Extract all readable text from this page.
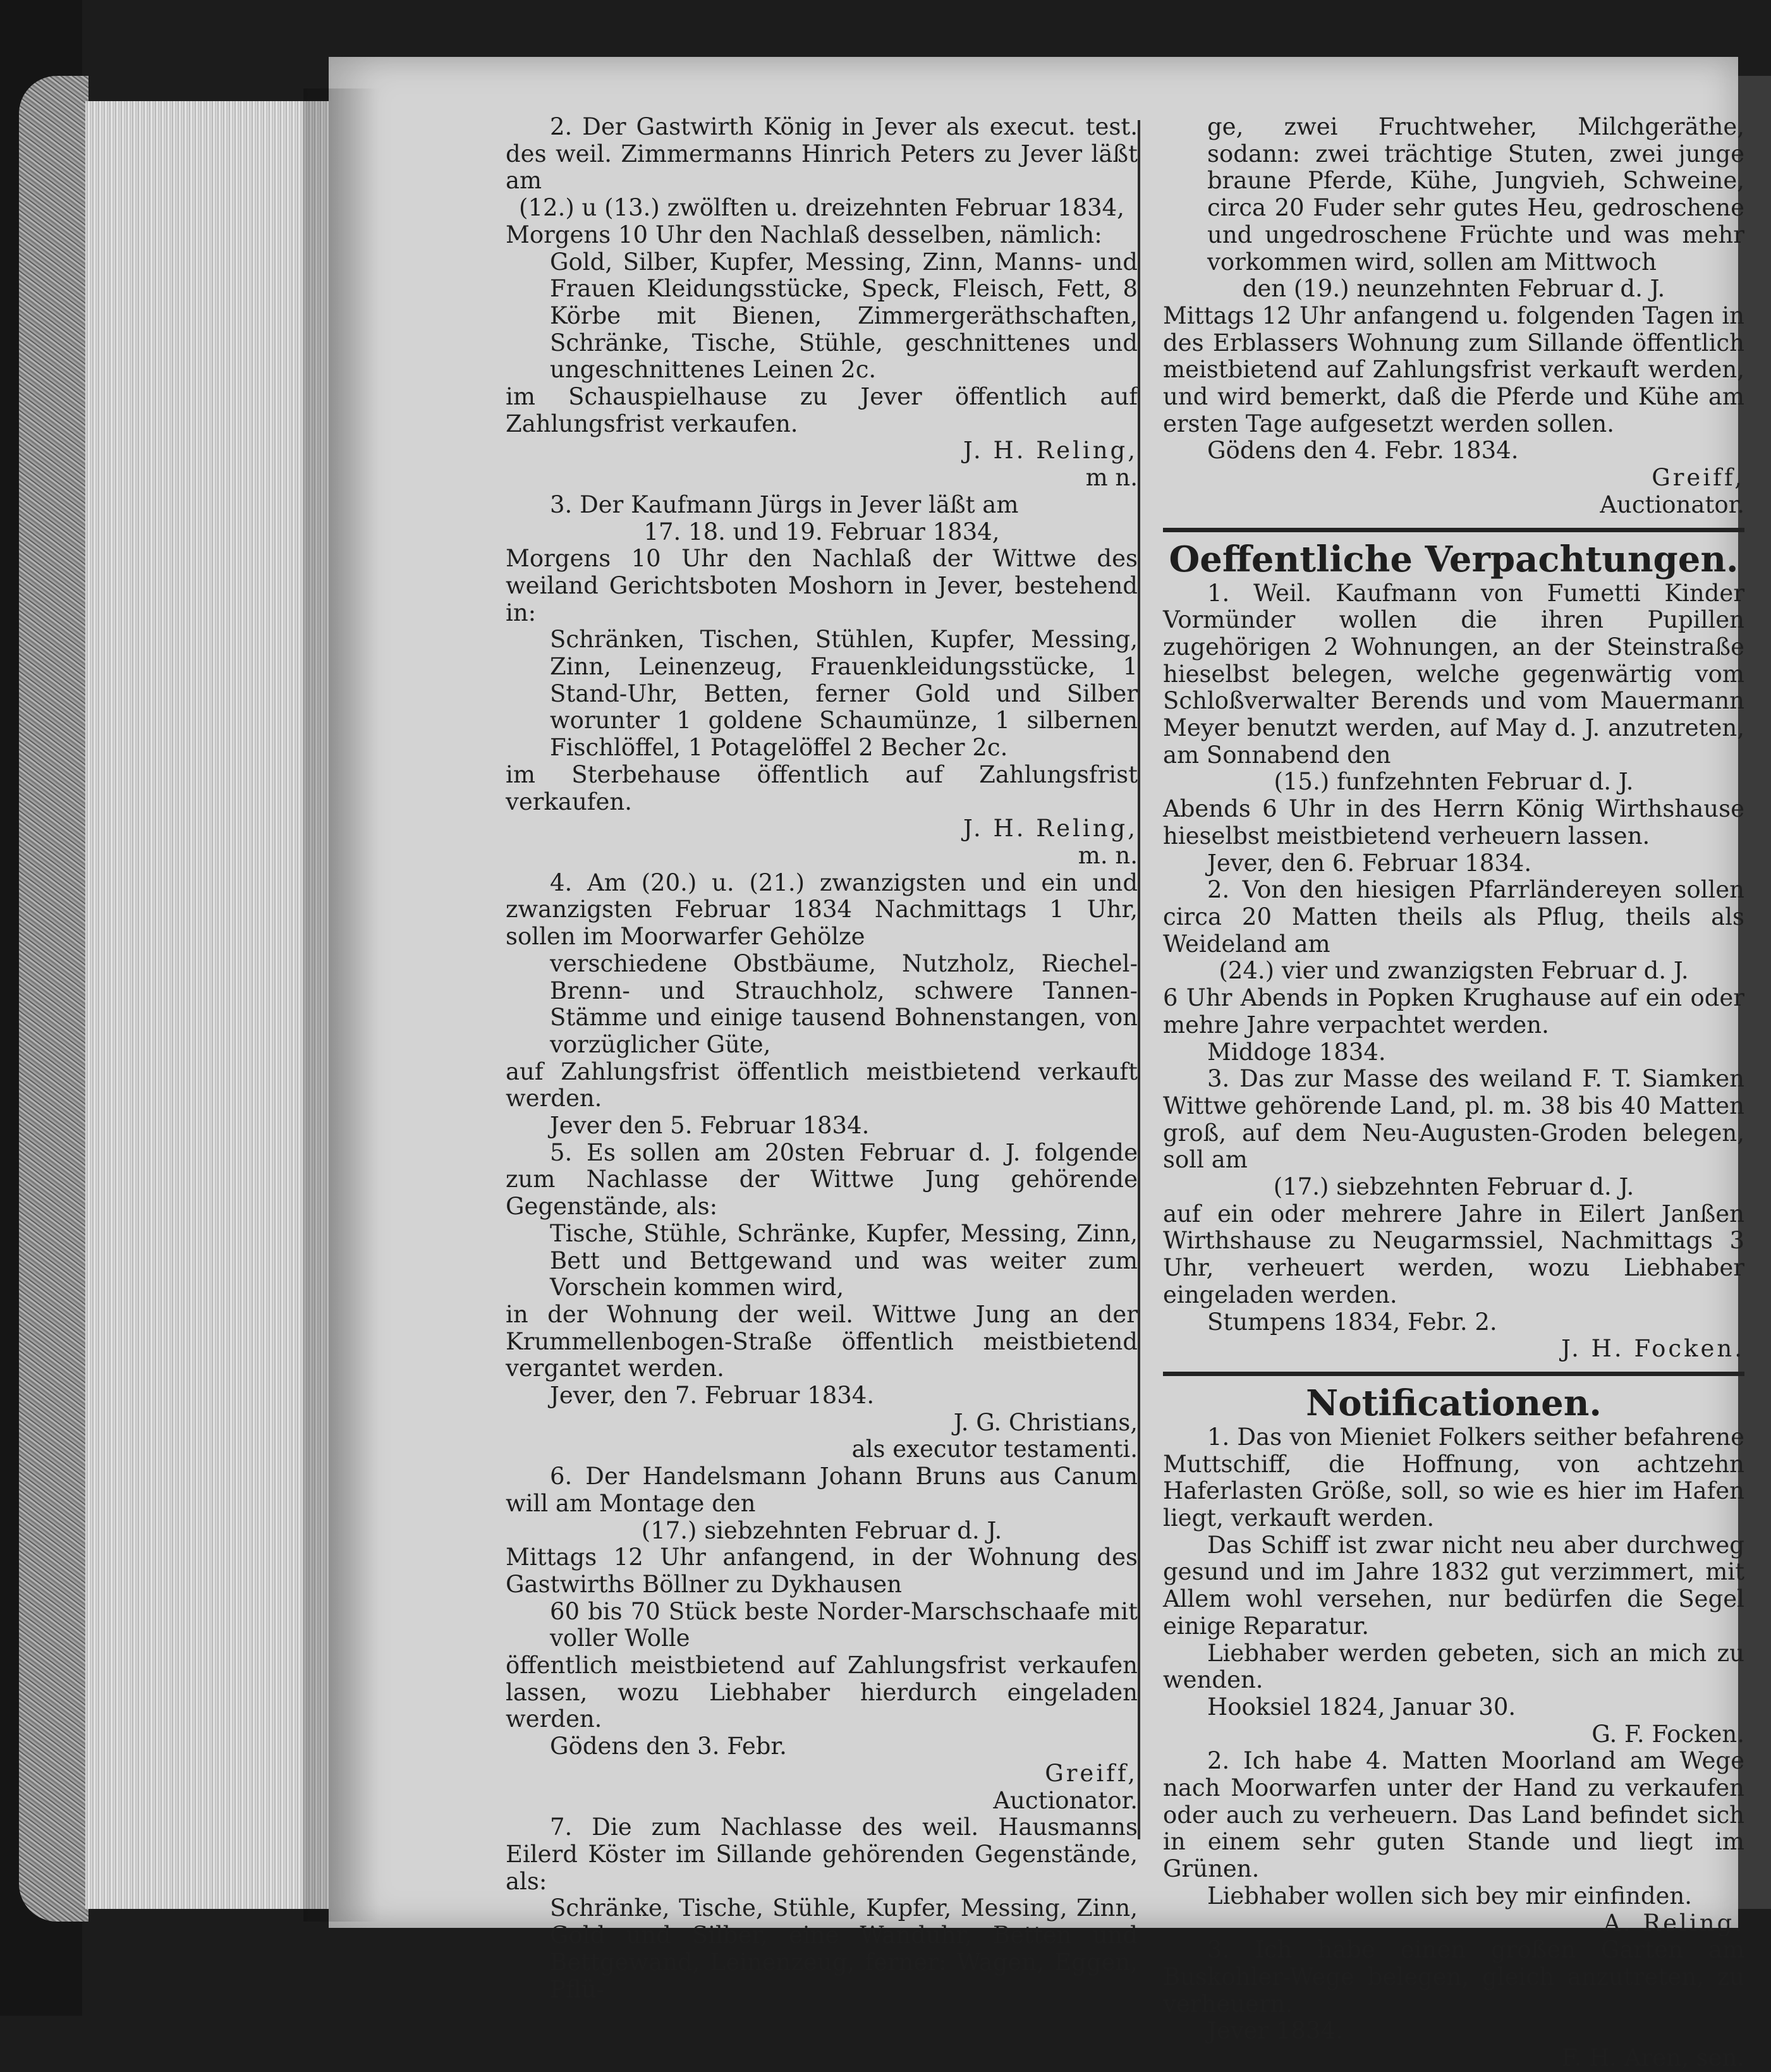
2. Der Gastwirth König in Jever als execut. test. des weil. Zimmermanns Hinrich Peters zu Jever läßt am

(12.) u (13.) zwölften u. dreizehnten Februar 1834,

Morgens 10 Uhr den Nachlaß desselben, nämlich:

Gold, Silber, Kupfer, Messing, Zinn, Manns- und Frauen Kleidungsstücke, Speck, Fleisch, Fett, 8 Körbe mit Bienen, Zimmergeräthschaften, Schränke, Tische, Stühle, geschnittenes und ungeschnittenes Leinen 2c.

im Schauspielhause zu Jever öffentlich auf Zahlungsfrist verkaufen.

J. H. Reling,

m n.

3. Der Kaufmann Jürgs in Jever läßt am

17. 18. und 19. Februar 1834,

Morgens 10 Uhr den Nachlaß der Wittwe des weiland Gerichtsboten Moshorn in Jever, bestehend in:

Schränken, Tischen, Stühlen, Kupfer, Messing, Zinn, Leinenzeug, Frauenkleidungsstücke, 1 Stand-Uhr, Betten, ferner Gold und Silber worunter 1 goldene Schaumünze, 1 silbernen Fischlöffel, 1 Potagelöffel 2 Becher 2c.

im Sterbehause öffentlich auf Zahlungsfrist verkaufen.

J. H. Reling,

m. n.

4. Am (20.) u. (21.) zwanzigsten und ein und zwanzigsten Februar 1834 Nachmittags 1 Uhr, sollen im Moorwarfer Gehölze

verschiedene Obstbäume, Nutzholz, Riechel- Brenn- und Strauchholz, schwere Tannen-Stämme und einige tausend Bohnenstangen, von vorzüglicher Güte,

auf Zahlungsfrist öffentlich meistbietend verkauft werden.

Jever den 5. Februar 1834.

5. Es sollen am 20sten Februar d. J. folgende zum Nachlasse der Wittwe Jung gehörende Gegenstände, als:

Tische, Stühle, Schränke, Kupfer, Messing, Zinn, Bett und Bettgewand und was weiter zum Vorschein kommen wird,

in der Wohnung der weil. Wittwe Jung an der Krummellenbogen-Straße öffentlich meistbietend vergantet werden.

Jever, den 7. Februar 1834.

J. G. Christians,

als executor testamenti.

6. Der Handelsmann Johann Bruns aus Canum will am Montage den

(17.) siebzehnten Februar d. J.

Mittags 12 Uhr anfangend, in der Wohnung des Gastwirths Böllner zu Dykhausen

60 bis 70 Stück beste Norder-Marschschaafe mit voller Wolle

öffentlich meistbietend auf Zahlungsfrist verkaufen lassen, wozu Liebhaber hierdurch eingeladen werden.

Gödens den 3. Febr.

Greiff,

Auctionator.

7. Die zum Nachlasse des weil. Hausmanns Eilerd Köster im Sillande gehörenden Gegenstände, als:

Schränke, Tische, Stühle, Kupfer, Messing, Zinn, Gold und Silber, eine Wanduhr, Betten und Bettgewand, Leinenzeug, ferner: Wagen, Eggen, Pflü-

ge, zwei Fruchtweher, Milchgeräthe, sodann: zwei trächtige Stuten, zwei junge braune Pferde, Kühe, Jungvieh, Schweine, circa 20 Fuder sehr gutes Heu, gedroschene und ungedroschene Früchte und was mehr vorkommen wird, sollen am Mittwoch

den (19.) neunzehnten Februar d. J.

Mittags 12 Uhr anfangend u. folgenden Tagen in des Erblassers Wohnung zum Sillande öffentlich meistbietend auf Zahlungsfrist verkauft werden, und wird bemerkt, daß die Pferde und Kühe am ersten Tage aufgesetzt werden sollen.

Gödens den 4. Febr. 1834.

Greiff,

Auctionator.

Oeffentliche Verpachtungen.

1. Weil. Kaufmann von Fumetti Kinder Vormünder wollen die ihren Pupillen zugehörigen 2 Wohnungen, an der Steinstraße hieselbst belegen, welche gegenwärtig vom Schloßverwalter Berends und vom Mauermann Meyer benutzt werden, auf May d. J. anzutreten, am Sonnabend den

(15.) funfzehnten Februar d. J.

Abends 6 Uhr in des Herrn König Wirthshause hieselbst meistbietend verheuern lassen.

Jever, den 6. Februar 1834.

2. Von den hiesigen Pfarrländereyen sollen circa 20 Matten theils als Pflug, theils als Weideland am

(24.) vier und zwanzigsten Februar d. J.

6 Uhr Abends in Popken Krughause auf ein oder mehre Jahre verpachtet werden.

Middoge 1834.

3. Das zur Masse des weiland F. T. Siamken Wittwe gehörende Land, pl. m. 38 bis 40 Matten groß, auf dem Neu-Augusten-Groden belegen, soll am

(17.) siebzehnten Februar d. J.

auf ein oder mehrere Jahre in Eilert Janßen Wirthshause zu Neugarmssiel, Nachmittags 3 Uhr, verheuert werden, wozu Liebhaber eingeladen werden.

Stumpens 1834, Febr. 2.

J. H. Focken.

Notificationen.

1. Das von Mieniet Folkers seither befahrene Muttschiff, die Hoffnung, von achtzehn Haferlasten Größe, soll, so wie es hier im Hafen liegt, verkauft werden.

Das Schiff ist zwar nicht neu aber durchweg gesund und im Jahre 1832 gut verzimmert, mit Allem wohl versehen, nur bedürfen die Segel einige Reparatur.

Liebhaber werden gebeten, sich an mich zu wenden.

Hooksiel 1824, Januar 30.

G. F. Focken.

2. Ich habe 4. Matten Moorland am Wege nach Moorwarfen unter der Hand zu verkaufen oder auch zu verheuern. Das Land befindet sich in einem sehr guten Stande und liegt im Grünen.

Liebhaber wollen sich bey mir einfinden.

A. Reling.

3. Ich habe einen großen Garten am Buskohler-Wege belegen, gleich anzutreten, zu verheuern.

Jever 1834.

F. H. Aren, sen.
